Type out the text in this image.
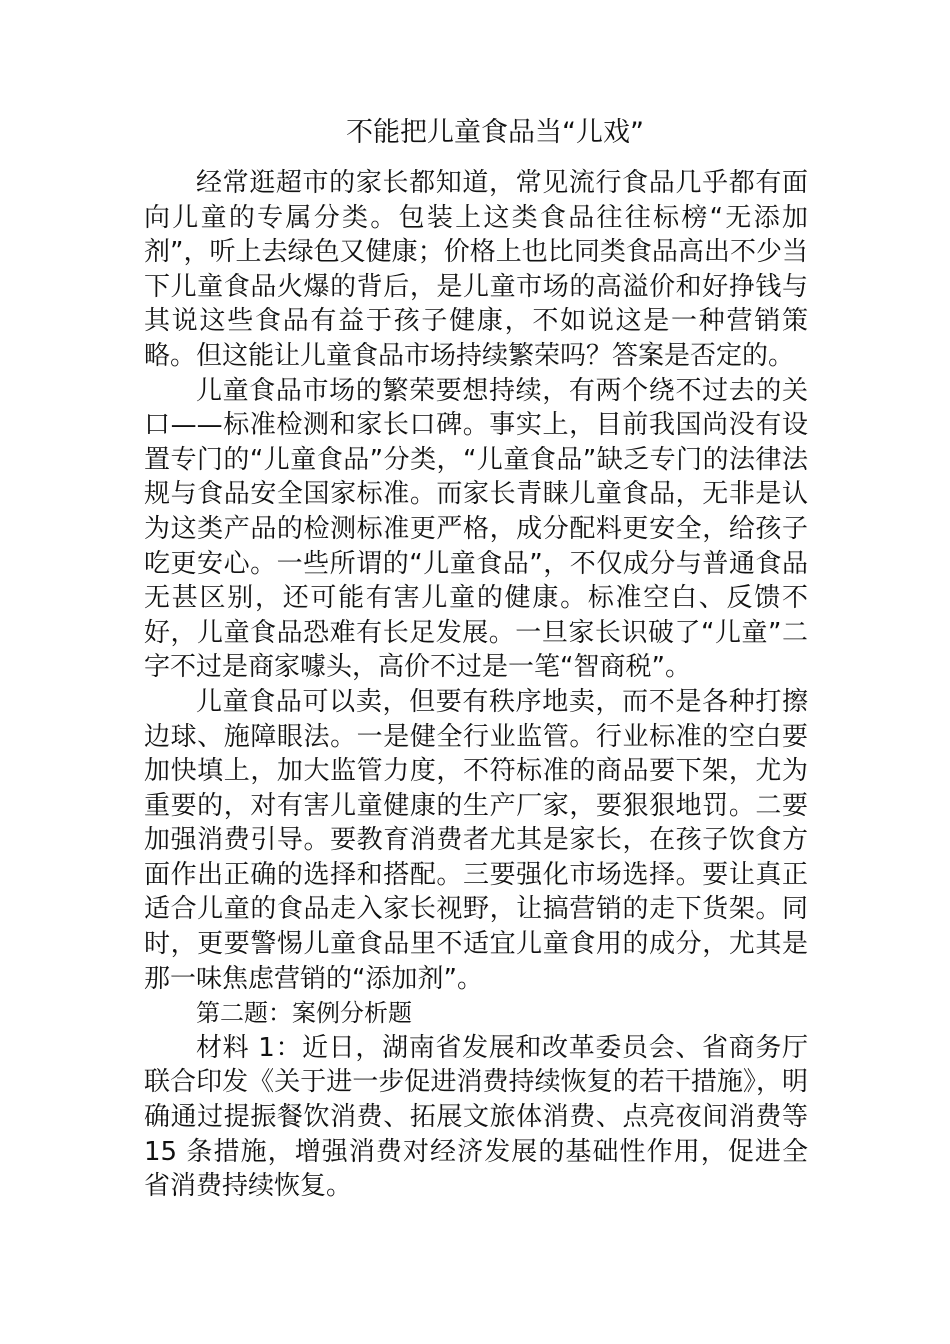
不能把儿童食品当“儿戏”

经常逛超市的家长都知道，常见流行食品几乎都有面向儿童的专属分类。包装上这类食品往往标榜“无添加剂”，听上去绿色又健康；价格上也比同类食品高出不少当下儿童食品火爆的背后，是儿童市场的高溢价和好挣钱与其说这些食品有益于孩子健康，不如说这是一种营销策略。但这能让儿童食品市场持续繁荣吗？答案是否定的。

儿童食品市场的繁荣要想持续，有两个绕不过去的关口——标准检测和家长口碑。事实上，目前我国尚没有设置专门的“儿童食品”分类，“儿童食品”缺乏专门的法律法规与食品安全国家标准。而家长青睐儿童食品，无非是认为这类产品的检测标准更严格，成分配料更安全，给孩子吃更安心。一些所谓的“儿童食品”，不仅成分与普通食品无甚区别，还可能有害儿童的健康。标准空白、反馈不好，儿童食品恐难有长足发展。一旦家长识破了“儿童”二字不过是商家噱头，高价不过是一笔“智商税”。

儿童食品可以卖，但要有秩序地卖，而不是各种打擦边球、施障眼法。一是健全行业监管。行业标准的空白要加快填上，加大监管力度，不符标准的商品要下架，尤为重要的，对有害儿童健康的生产厂家，要狠狠地罚。二要加强消费引导。要教育消费者尤其是家长，在孩子饮食方面作出正确的选择和搭配。三要强化市场选择。要让真正适合儿童的食品走入家长视野，让搞营销的走下货架。同时，更要警惕儿童食品里不适宜儿童食用的成分，尤其是那一味焦虑营销的“添加剂”。

第二题：案例分析题

材料 1：近日，湖南省发展和改革委员会、省商务厅联合印发《关于进一步促进消费持续恢复的若干措施》，明确通过提振餐饮消费、拓展文旅体消费、点亮夜间消费等 15 条措施，增强消费对经济发展的基础性作用，促进全省消费持续恢复。
